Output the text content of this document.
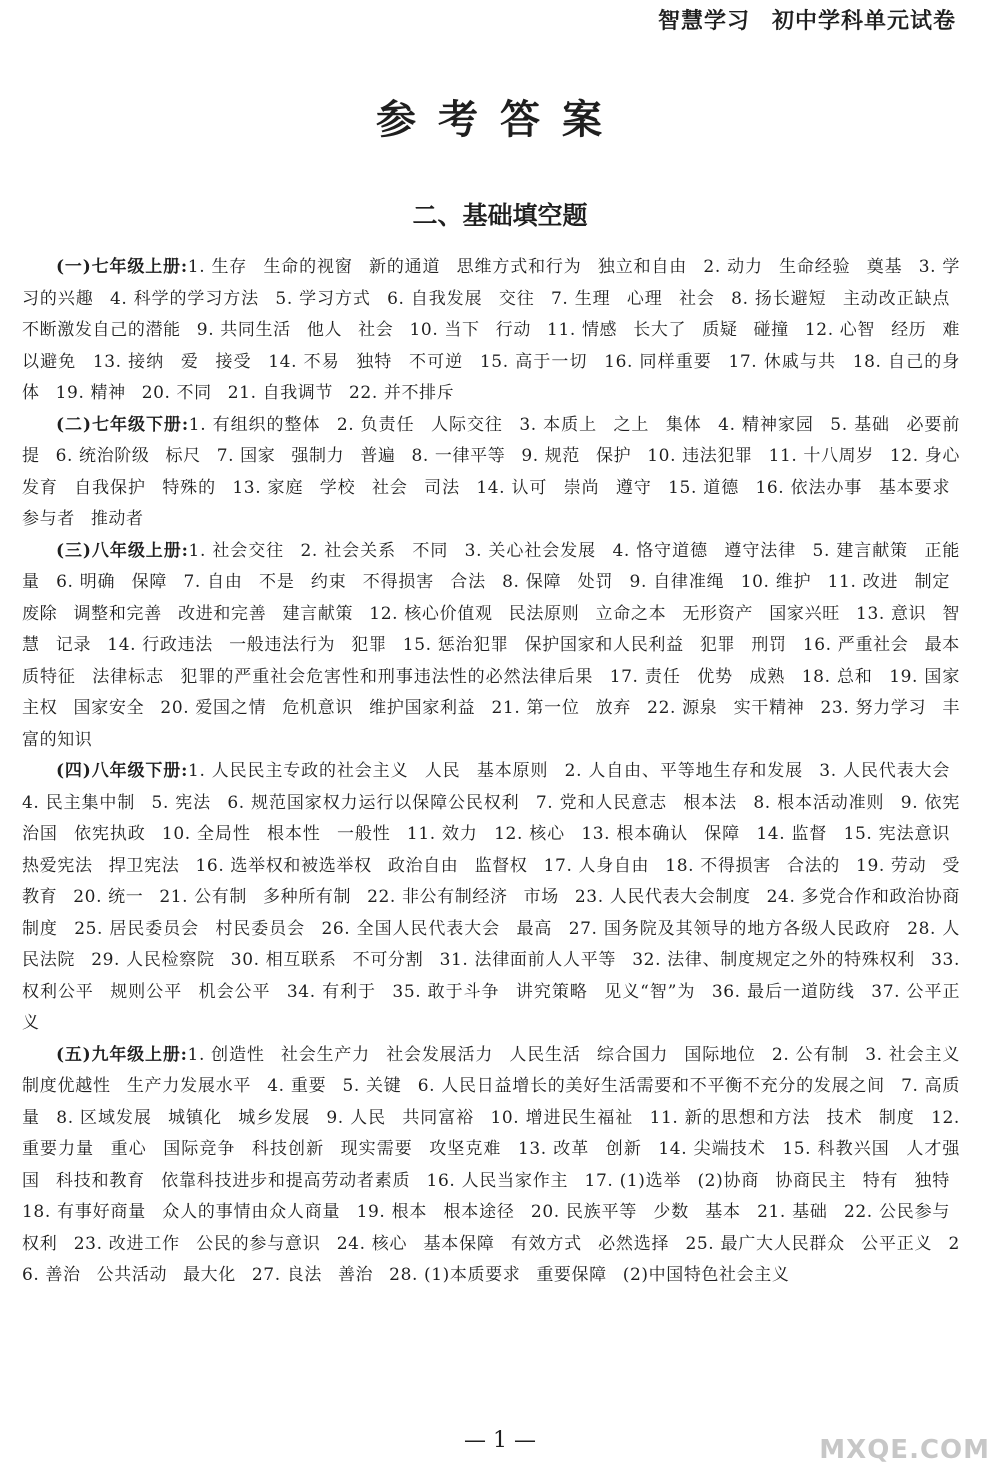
智慧学习 初中学科单元试卷
参考答案
二、基础填空题

(一)七年级上册:1. 生存 生命的视窗 新的通道 思维方式和行为 独立和自由 2. 动力 生命经验 奠基 3. 学习的兴趣 4. 科学的学习方法 5. 学习方式 6. 自我发展 交往 7. 生理 心理 社会 8. 扬长避短 主动改正缺点 不断激发自己的潜能 9. 共同生活 他人 社会 10. 当下 行动 11. 情感 长大了 质疑 碰撞 12. 心智 经历 难以避免 13. 接纳 爱 接受 14. 不易 独特 不可逆 15. 高于一切 16. 同样重要 17. 休戚与共 18. 自己的身体 19. 精神 20. 不同 21. 自我调节 22. 并不排斥

(二)七年级下册:1. 有组织的整体 2. 负责任 人际交往 3. 本质上 之上 集体 4. 精神家园 5. 基础 必要前提 6. 统治阶级 标尺 7. 国家 强制力 普遍 8. 一律平等 9. 规范 保护 10. 违法犯罪 11. 十八周岁 12. 身心发育 自我保护 特殊的 13. 家庭 学校 社会 司法 14. 认可 崇尚 遵守 15. 道德 16. 依法办事 基本要求 参与者 推动者

(三)八年级上册:1. 社会交往 2. 社会关系 不同 3. 关心社会发展 4. 恪守道德 遵守法律 5. 建言献策 正能量 6. 明确 保障 7. 自由 不是 约束 不得损害 合法 8. 保障 处罚 9. 自律准绳 10. 维护 11. 改进 制定 废除 调整和完善 改进和完善 建言献策 12. 核心价值观 民法原则 立命之本 无形资产 国家兴旺 13. 意识 智慧 记录 14. 行政违法 一般违法行为 犯罪 15. 惩治犯罪 保护国家和人民利益 犯罪 刑罚 16. 严重社会 最本质特征 法律标志 犯罪的严重社会危害性和刑事违法性的必然法律后果 17. 责任 优势 成熟 18. 总和 19. 国家主权 国家安全 20. 爱国之情 危机意识 维护国家利益 21. 第一位 放弃 22. 源泉 实干精神 23. 努力学习 丰富的知识

(四)八年级下册:1. 人民民主专政的社会主义 人民 基本原则 2. 人自由、平等地生存和发展 3. 人民代表大会 4. 民主集中制 5. 宪法 6. 规范国家权力运行以保障公民权利 7. 党和人民意志 根本法 8. 根本活动准则 9. 依宪治国 依宪执政 10. 全局性 根本性 一般性 11. 效力 12. 核心 13. 根本确认 保障 14. 监督 15. 宪法意识 热爱宪法 捍卫宪法 16. 选举权和被选举权 政治自由 监督权 17. 人身自由 18. 不得损害 合法的 19. 劳动 受教育 20. 统一 21. 公有制 多种所有制 22. 非公有制经济 市场 23. 人民代表大会制度 24. 多党合作和政治协商制度 25. 居民委员会 村民委员会 26. 全国人民代表大会 最高 27. 国务院及其领导的地方各级人民政府 28. 人民法院 29. 人民检察院 30. 相互联系 不可分割 31. 法律面前人人平等 32. 法律、制度规定之外的特殊权利 33. 权利公平 规则公平 机会公平 34. 有利于 35. 敢于斗争 讲究策略 见义“智”为 36. 最后一道防线 37. 公平正义

(五)九年级上册:1. 创造性 社会生产力 社会发展活力 人民生活 综合国力 国际地位 2. 公有制 3. 社会主义制度优越性 生产力发展水平 4. 重要 5. 关键 6. 人民日益增长的美好生活需要和不平衡不充分的发展之间 7. 高质量 8. 区域发展 城镇化 城乡发展 9. 人民 共同富裕 10. 增进民生福祉 11. 新的思想和方法 技术 制度 12. 重要力量 重心 国际竞争 科技创新 现实需要 攻坚克难 13. 改革 创新 14. 尖端技术 15. 科教兴国 人才强国 科技和教育 依靠科技进步和提高劳动者素质 16. 人民当家作主 17. (1)选举 (2)协商 协商民主 特有 独特 18. 有事好商量 众人的事情由众人商量 19. 根本 根本途径 20. 民族平等 少数 基本 21. 基础 22. 公民参与 权利 23. 改进工作 公民的参与意识 24. 核心 基本保障 有效方式 必然选择 25. 最广大人民群众 公平正义 26. 善治 公共活动 最大化 27. 良法 善治 28. (1)本质要求 重要保障 (2)中国特色社会主义

— 1 —	MXQE.COM
